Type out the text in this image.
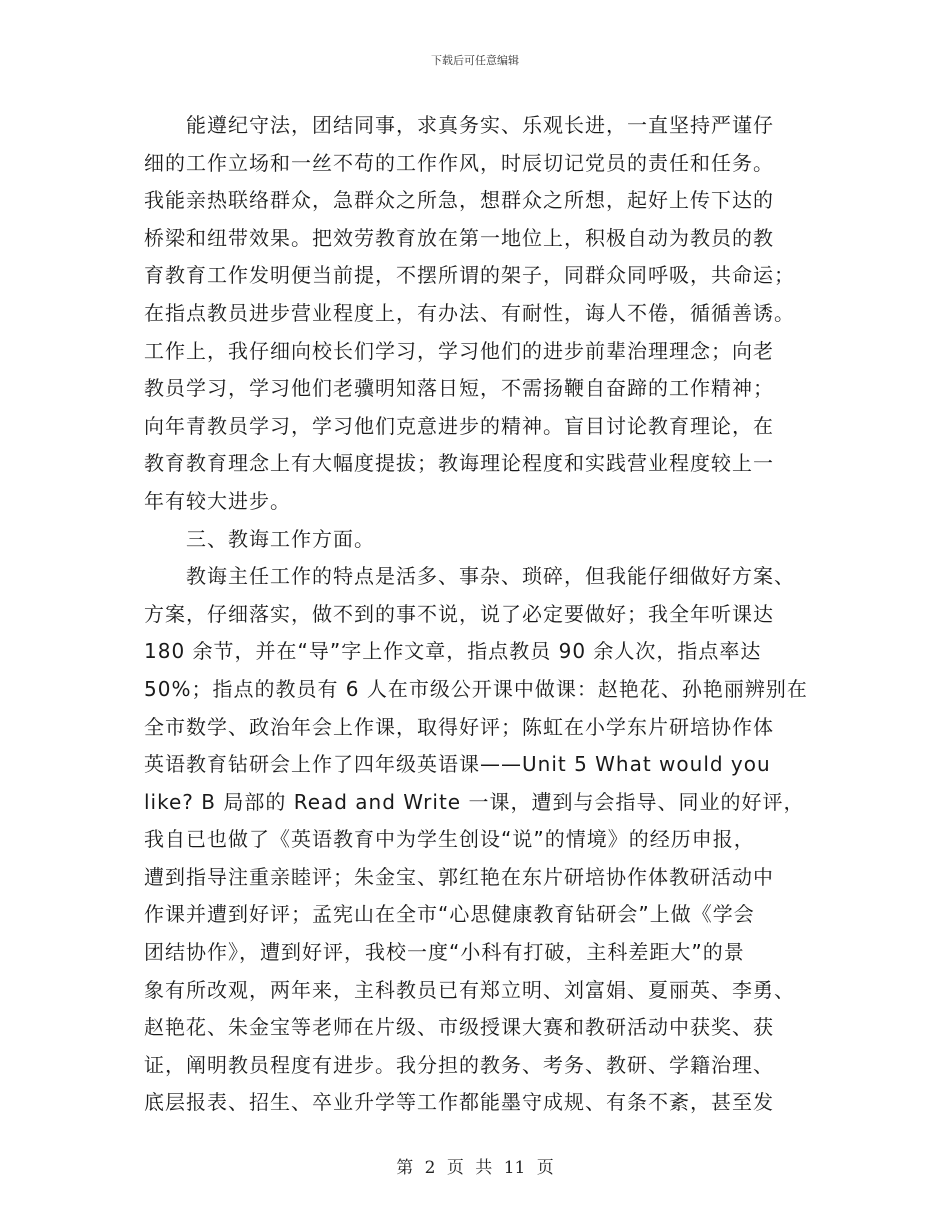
下载后可任意编辑
　　能遵纪守法，团结同事，求真务实、乐观长进，一直坚持严谨仔
细的工作立场和一丝不苟的工作作风，时辰切记党员的责任和任务。
我能亲热联络群众，急群众之所急，想群众之所想，起好上传下达的
桥梁和纽带效果。把效劳教育放在第一地位上，积极自动为教员的教
育教育工作发明便当前提，不摆所谓的架子，同群众同呼吸，共命运；
在指点教员进步营业程度上，有办法、有耐性，诲人不倦，循循善诱。
工作上，我仔细向校长们学习，学习他们的进步前辈治理理念；向老
教员学习，学习他们老骥明知落日短，不需扬鞭自奋蹄的工作精神；
向年青教员学习，学习他们克意进步的精神。盲目讨论教育理论，在
教育教育理念上有大幅度提拔；教诲理论程度和实践营业程度较上一
年有较大进步。
　　三、教诲工作方面。
　　教诲主任工作的特点是活多、事杂、琐碎，但我能仔细做好方案、
方案，仔细落实，做不到的事不说，说了必定要做好；我全年听课达
180 余节，并在“导”字上作文章，指点教员 90 余人次，指点率达
50%；指点的教员有 6 人在市级公开课中做课：赵艳花、孙艳丽辨别在
全市数学、政治年会上作课，取得好评；陈虹在小学东片研培协作体
英语教育钻研会上作了四年级英语课——Unit 5 What would you
like? B 局部的 Read and Write 一课，遭到与会指导、同业的好评，
我自已也做了《英语教育中为学生创设“说”的情境》的经历申报，
遭到指导注重亲睦评；朱金宝、郭红艳在东片研培协作体教研活动中
作课并遭到好评；孟宪山在全市“心思健康教育钻研会”上做《学会
团结协作》，遭到好评，我校一度“小科有打破，主科差距大”的景
象有所改观，两年来，主科教员已有郑立明、刘富娟、夏丽英、李勇、
赵艳花、朱金宝等老师在片级、市级授课大赛和教研活动中获奖、获
证，阐明教员程度有进步。我分担的教务、考务、教研、学籍治理、
底层报表、招生、卒业升学等工作都能墨守成规、有条不紊，甚至发
第 2 页 共 11 页
